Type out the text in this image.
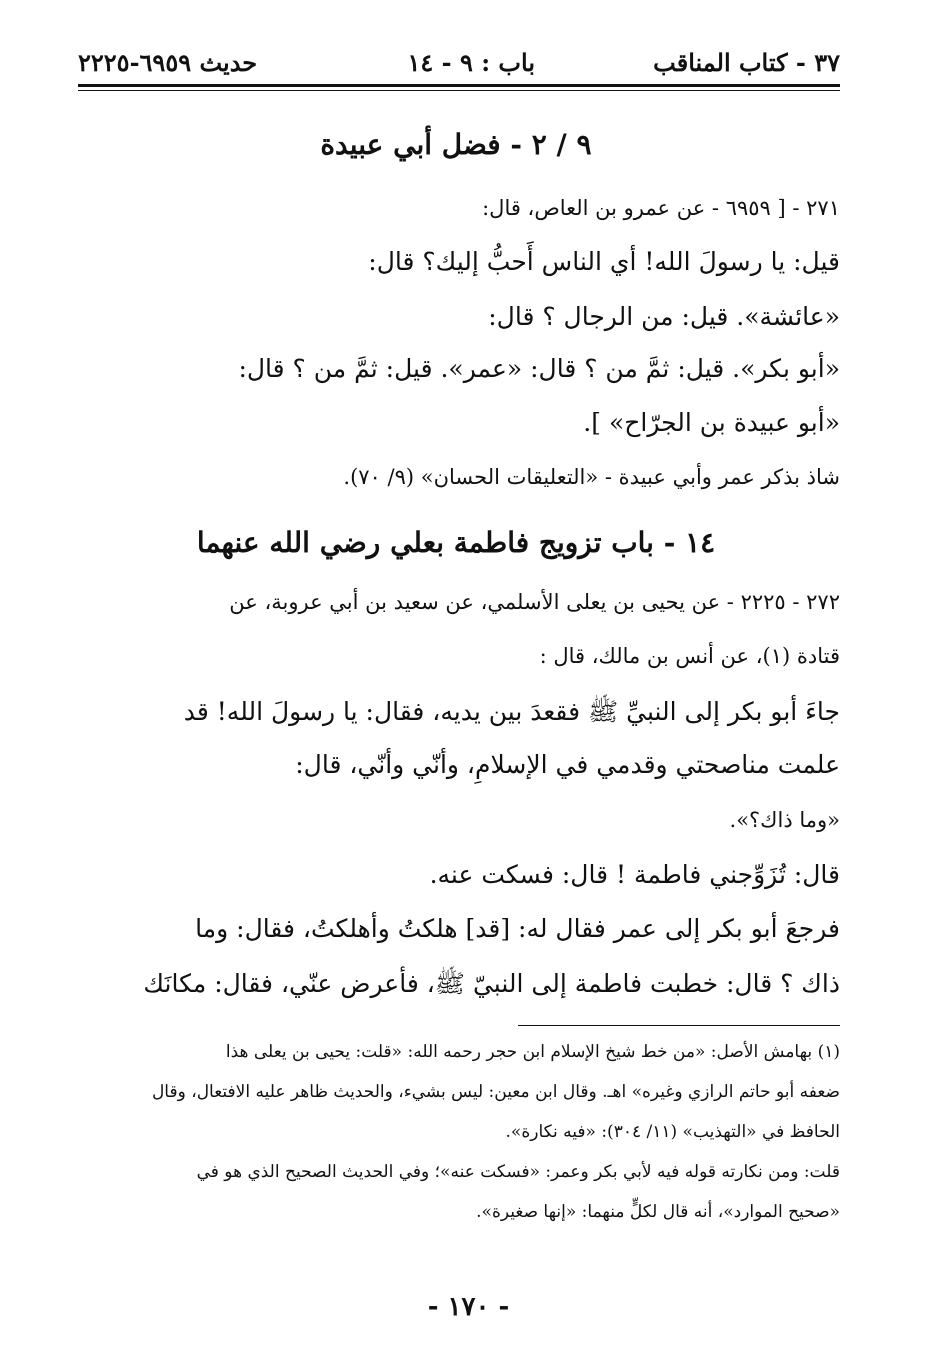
٣٧ - كتاب المناقب
باب : ٩ - ١٤
حديث ٦٩٥٩-٢٢٢٥
٩ / ٢ - فضل أبي عبيدة
٢٧١ - [ ٦٩٥٩ - عن عمرو بن العاص، قال:
قيل: يا رسولَ الله! أي الناس أَحبُّ إليك؟ قال:
«عائشة». قيل: من الرجال ؟ قال:
«أبو بكر». قيل: ثمَّ من ؟ قال: «عمر». قيل: ثمَّ من ؟ قال:
«أبو عبيدة بن الجرّاح» ].
شاذ بذكر عمر وأبي عبيدة - «التعليقات الحسان» (٩/ ٧٠).
١٤ - باب تزويج فاطمة بعلي رضي الله عنهما
٢٧٢ - ٢٢٢٥ - عن يحيى بن يعلى الأسلمي، عن سعيد بن أبي عروبة، عن
قتادة (١)، عن أنس بن مالك، قال :
جاءَ أبو بكر إلى النبيِّ ﷺ فقعدَ بين يديه، فقال: يا رسولَ الله! قد
علمت مناصحتي وقدمي في الإسلامِ، وأنّي وأنّي، قال:
«وما ذاك؟».
قال: تُزَوِّجني فاطمة ! قال: فسكت عنه.
فرجعَ أبو بكر إلى عمر فقال له: [قد] هلكتُ وأهلكتُ، فقال: وما
ذاك ؟ قال: خطبت فاطمة إلى النبيّ ﷺ، فأعرض عنّي، فقال: مكانَك
(١) بهامش الأصل: «من خط شيخ الإسلام ابن حجر رحمه الله: «قلت: يحيى بن يعلى هذا
ضعفه أبو حاتم الرازي وغيره» اهـ. وقال ابن معين: ليس بشيء، والحديث ظاهر عليه الافتعال، وقال
الحافظ في «التهذيب» (١١/ ٣٠٤): «فيه نكارة».
قلت: ومن نكارته قوله فيه لأبي بكر وعمر: «فسكت عنه»؛ وفي الحديث الصحيح الذي هو في
«صحيح الموارد»، أنه قال لكلٍّ منهما: «إنها صغيرة».
- ١٧٠ -
